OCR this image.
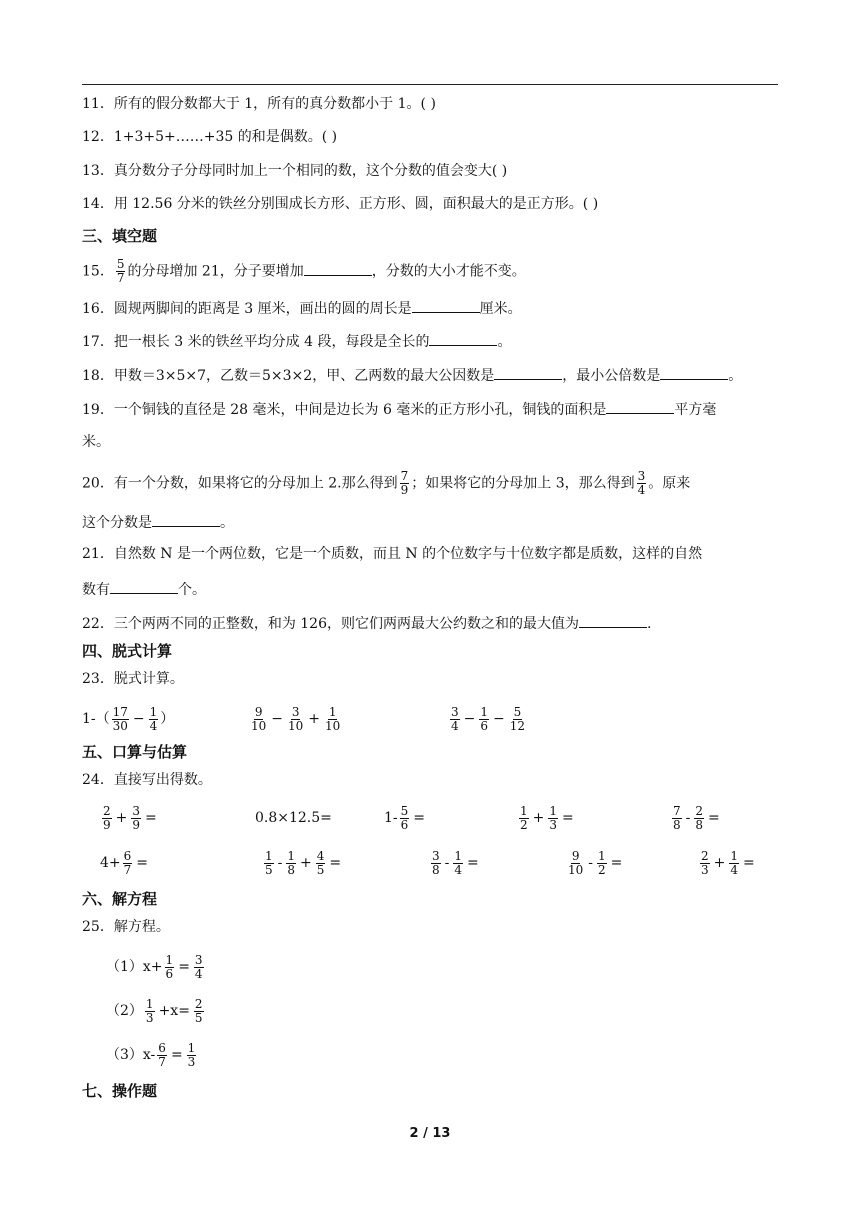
11．所有的假分数都大于 1，所有的真分数都小于 1。( )
12．1+3+5+……+35 的和是偶数。( )
13．真分数分子分母同时加上一个相同的数，这个分数的值会变大( )
14．用 12.56 分米的铁丝分别围成长方形、正方形、圆，面积最大的是正方形。( )
三、填空题
15． $\frac{5}{7}$ 的分母增加 21，分子要增加	，分数的大小才能不变。
16．圆规两脚间的距离是 3 厘米，画出的圆的周长是	厘米。
17．把一根长 3 米的铁丝平均分成 4 段，每段是全长的	。
18．甲数＝3×5×7，乙数＝5×3×2，甲、乙两数的最大公因数是	，最小公倍数是	。
19．一个铜钱的直径是 28 毫米，中间是边长为 6 毫米的正方形小孔，铜钱的面积是	平方毫
米。
20．有一个分数，如果将它的分母加上 2.那么得到 $\frac{7}{9}$ ；如果将它的分母加上 3，那么得到 $\frac{3}{4}$ 。原来
这个分数是	。
21．自然数 N 是一个两位数，它是一个质数，而且 N 的个位数字与十位数字都是质数，这样的自然
数有	个。
22．三个两两不同的正整数，和为 126，则它们两两最大公约数之和的最大值为	.
四、脱式计算
23．脱式计算。
$1-( \frac{17}{30} - \frac{1}{4}$ ）	$\frac{9}{10} - \frac{3}{10} + \frac{1}{10}$	$\frac{3}{4} - \frac{1}{6} - \frac{5}{12}$
五、口算与估算
24．直接写出得数。
$\frac{2}{9} + \frac{3}{9}$ =	0.8×12.5=	$1- \frac{5}{6}$ =	$\frac{1}{2} + \frac{1}{3}$ =	$\frac{7}{8} - \frac{2}{8}$ =
$4+ \frac{6}{7}$ =	$\frac{1}{5} - \frac{1}{8} + \frac{4}{5}$ =	$\frac{3}{8} - \frac{1}{4}$ =	$\frac{9}{10} - \frac{1}{2}$ =	$\frac{2}{3} + \frac{1}{4}$ =
六、解方程
25．解方程。
$(1)x+ \frac{1}{6} = \frac{3}{4}$
$(2) \frac{1}{3} +x= \frac{2}{5}$
$(3)x- \frac{6}{7} = \frac{1}{3}$
七、操作题
2 / 13
